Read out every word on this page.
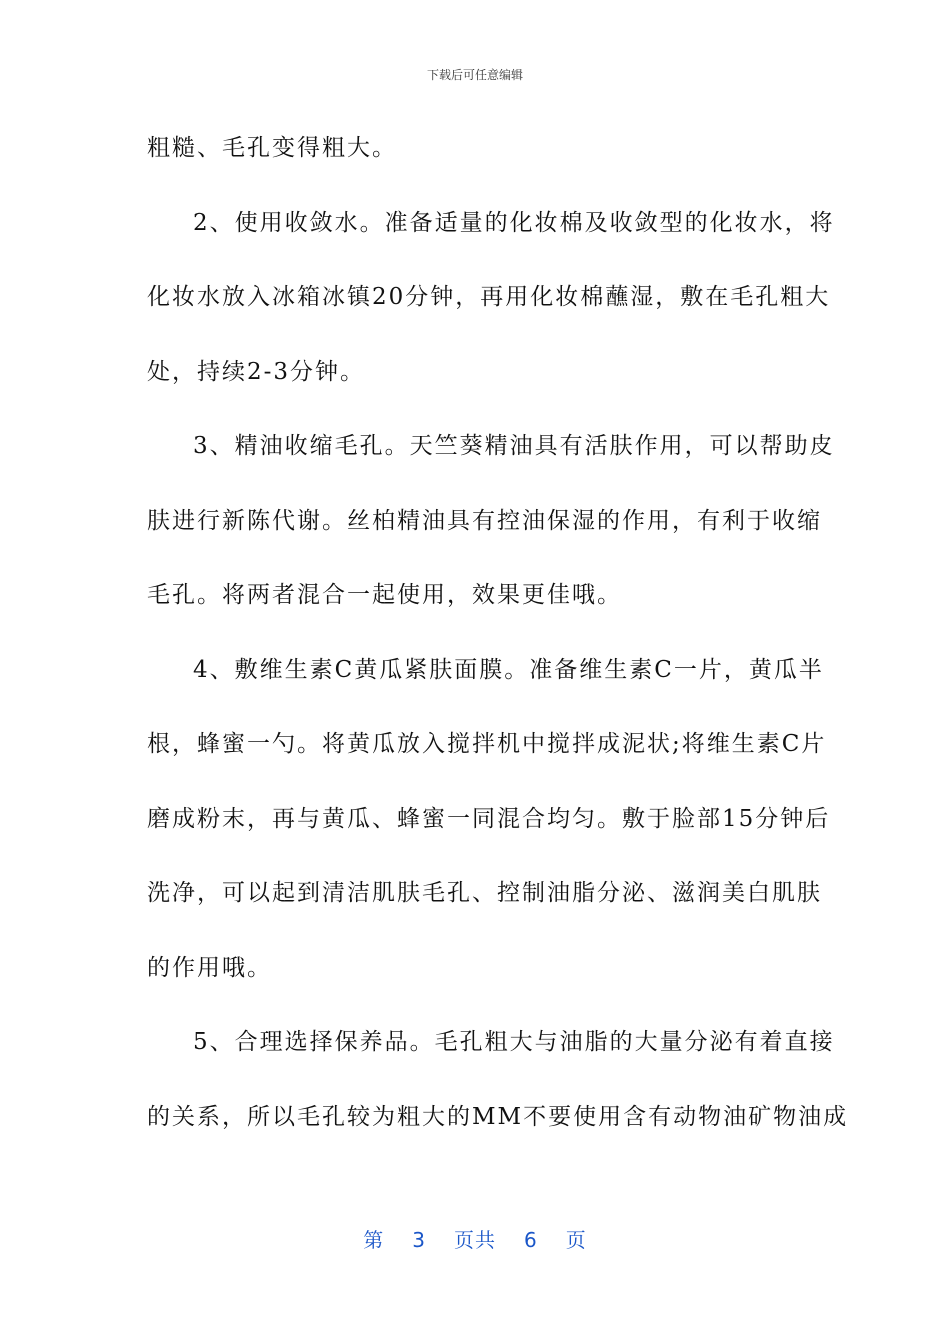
下载后可任意编辑
粗糙、毛孔变得粗大。
2、使用收敛水。准备适量的化妆棉及收敛型的化妆水，将
化妆水放入冰箱冰镇20分钟，再用化妆棉蘸湿，敷在毛孔粗大
处，持续2-3分钟。
3、精油收缩毛孔。天竺葵精油具有活肤作用，可以帮助皮
肤进行新陈代谢。丝柏精油具有控油保湿的作用，有利于收缩
毛孔。将两者混合一起使用，效果更佳哦。
4、敷维生素C黄瓜紧肤面膜。准备维生素C一片，黄瓜半
根，蜂蜜一勺。将黄瓜放入搅拌机中搅拌成泥状;将维生素C片
磨成粉末，再与黄瓜、蜂蜜一同混合均匀。敷于脸部15分钟后
洗净，可以起到清洁肌肤毛孔、控制油脂分泌、滋润美白肌肤
的作用哦。
5、合理选择保养品。毛孔粗大与油脂的大量分泌有着直接
的关系，所以毛孔较为粗大的MM不要使用含有动物油矿物油成
第 3 页共 6 页
